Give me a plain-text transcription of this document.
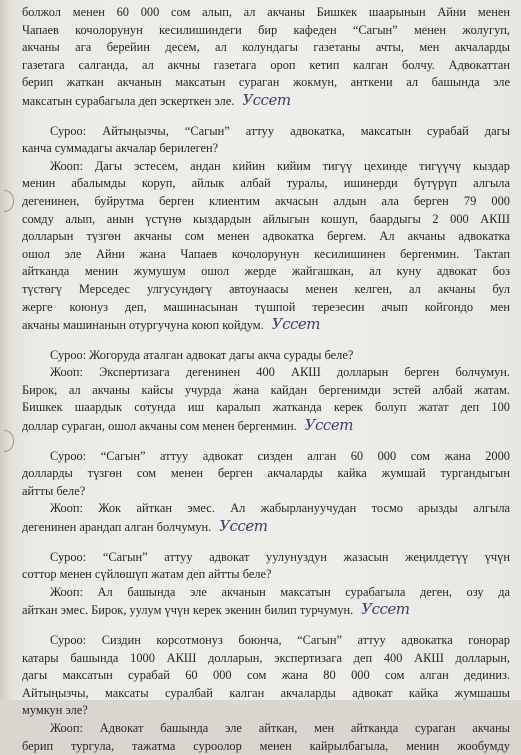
болжол менен 60 000 сом алып, ал акчаны Бишкек шаарынын Айни менен
Чапаев кочолорунун кесилишиндеги бир кафеден “Сагын” менен жолугуп,
акчаны ага берейин десем, ал колундагы газетаны ачты, мен акчаларды
газетага салганда, ал акчны газетага ороп кетип калган болчу. Адвокаттан
берип жаткан акчанын максатын сураган жокмун, анткени ал башында эле
максатын сурабагыла деп эскерткен эле. Уссет

Суроо: Айтыңызчы, “Сагын” аттуу адвокатка, максатын сурабай дагы
канча суммадагы акчалар берилеген?

Жооп: Дагы эстесем, андан кийин кийим тигүү цехинде тигүүчү кыздар
менин абалымды коруп, айлык албай туралы, ишинерди бүтүрүп алгыла
дегенинен, буйрутма берген клиентим акчасын алдын ала берген 79 000
сомду алып, анын үстүнө кыздардын айлыгын кошуп, баардыгы 2 000 АКШ
долларын түзгөн акчаны сом менен адвокатка бергем. Ал акчаны адвокатка
ошол эле Айни жана Чапаев кочолорунун кесилишинен бергенмин. Тактап
айтканда менин жумушум ошол жерде жайгашкан, ал куну адвокат боз
түстөгү Мерседес улгусундөгү автоунаасы менен келген, ал акчаны бул
жерге коюнуз деп, машинасынан түшпой терезесин ачып койгондо мен
акчаны машинанын отургучуна коюп койдум. Уссет

Суроо: Жогоруда аталган адвокат дагы акча сурады беле?

Жооп: Экспертизага дегенинен 400 АКШ долларын берген болчумун.
Бирок, ал акчаны кайсы учурда жана кайдан бергенимди эстей албай жатам.
Бишкек шаардык сотунда иш каралып жатканда керек болуп жатат деп 100
доллар сураган, ошол акчаны сом менен бергенмин. Уссет

Суроо: “Сагын” аттуу адвокат сизден алган 60 000 сом жана 2000
долларды түзгөн сом менен берген акчаларды кайка жумшай тургандыгын
айтты беле?

Жооп: Жок айткан эмес. Ал жабырлануучудан тосмо арызды алгыла
дегенинен арандап алган болчумун. Уссет

Суроо: “Сагын” аттуу адвокат уулунуздун жазасын жеңилдетүү үчүн
соттор менен сүйлөшүп жатам деп айтты беле?

Жооп: Ал башында эле акчанын максатын сурабагыла деген, озу да
айткан эмес. Бирок, уулум үчүн керек экенин билип турчумун. Уссет

Суроо: Сиздин корсотмонуз боюнча, “Сагын” аттуу адвокатка гонорар
катары башында 1000 АКШ долларын, экспертизага деп 400 АКШ долларын,
дагы максатын сурабай 60 000 сом жана 80 000 сом алган дединиз.
Айтыңызчы, максаты суралбай калган акчаларды адвокат кайка жумшашы
мумкун эле?

Жооп: Адвокат башында эле айткан, мен айтканда сураган акчаны
берип тургула, тажатма суроолор менен кайрылбагыла, менин жообумду
